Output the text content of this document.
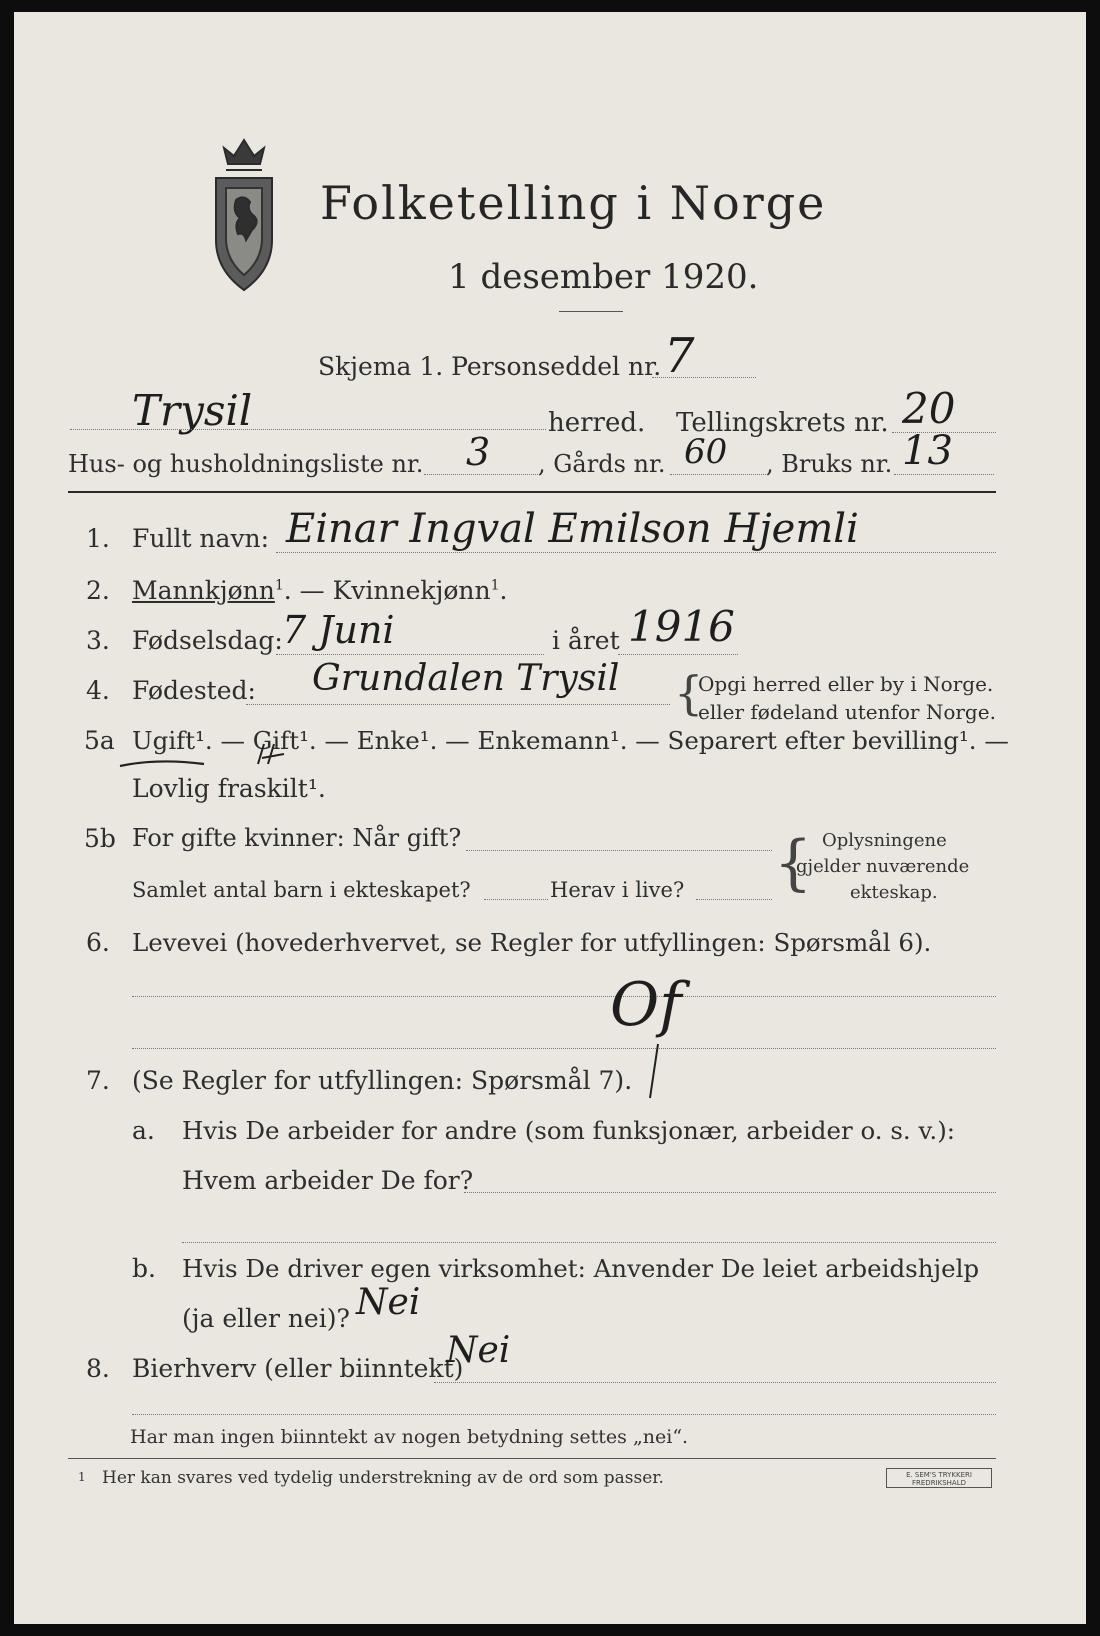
Folketelling i Norge
1 desember 1920.
Skjema 1. Personseddel nr. 7
Trysil	herred. Tellingskrets nr. 20
Hus- og husholdningsliste nr. 3 , Gårds nr. 60 , Bruks nr. 13
1. Fullt navn: Einar Ingval Emilson Hjemli
2. Mannkjønn$^1$. — Kvinnekjønn$^1$.
3. Fødselsdag: 7 Juni	i året 1916
4. Fødested: Grundalen Trysil {
Opgi herred eller by i Norge.
eller fødeland utenfor Norge.
5a Ugift¹. — Gift¹. — Enke¹. — Enkemann¹. — Separert efter bevilling¹. —
Lovlig fraskilt¹.
5b For gifte kvinner: Når gift?
Samlet antal barn i ekteskapet?	Herav i live? { Oplysningene
gjelder nuværende
ekteskap.
6. Levevei (hovederhvervet, se Regler for utfyllingen: Spørsmål 6).
Of
7. (Se Regler for utfyllingen: Spørsmål 7).
a. Hvis De arbeider for andre (som funksjonær, arbeider o. s. v.):
Hvem arbeider De for?
b. Hvis De driver egen virksomhet: Anvender De leiet arbeidshjelp
(ja eller nei)? Nei
8. Bierhverv (eller biinntekt)
Nei
Har man ingen biinntekt av nogen betydning settes „nei“.
1 Her kan svares ved tydelig understrekning av de ord som passer.	E. SEM'S TRYKKERI FREDRIKSHALD
